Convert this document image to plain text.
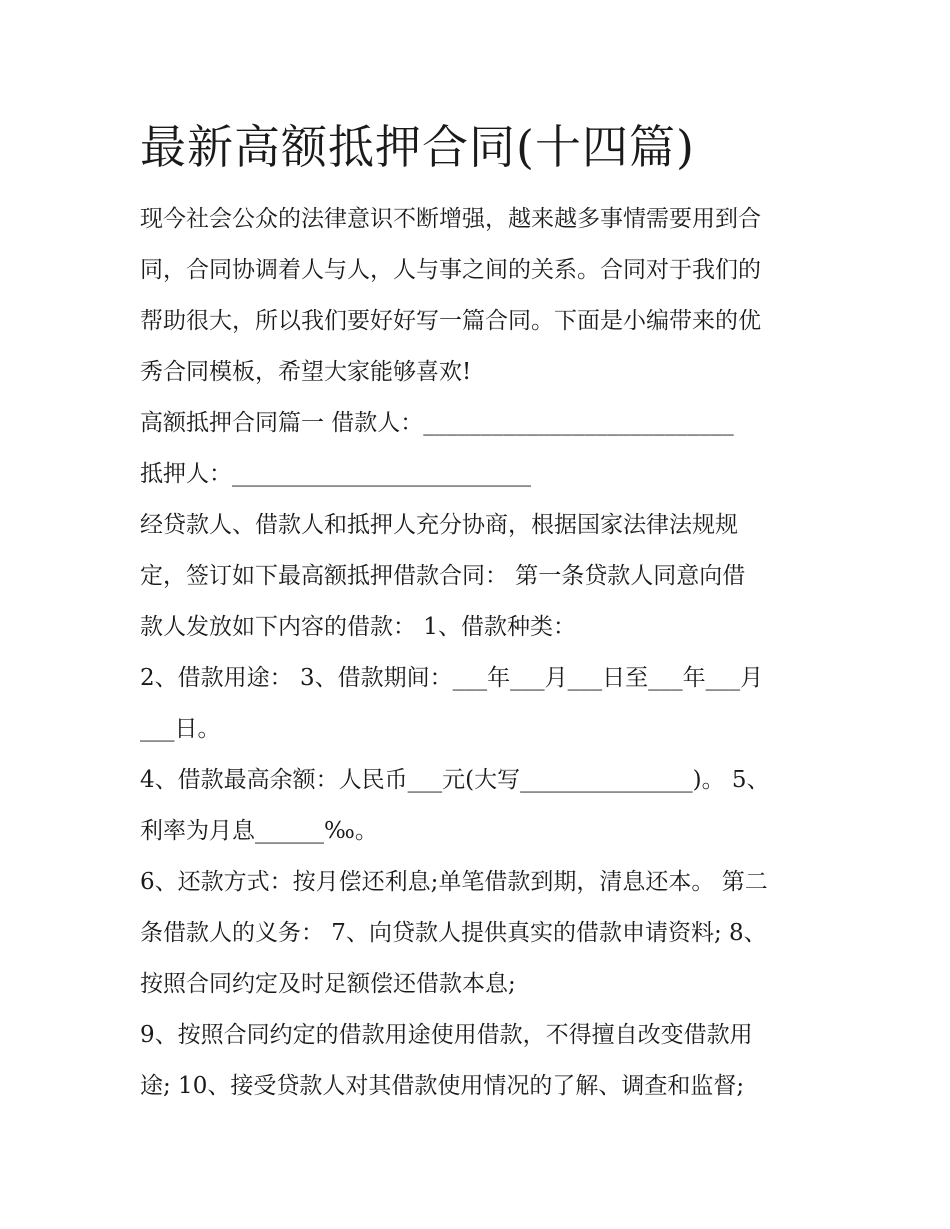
最新高额抵押合同(十四篇)
现今社会公众的法律意识不断增强，越来越多事情需要用到合
同，合同协调着人与人，人与事之间的关系。合同对于我们的
帮助很大，所以我们要好好写一篇合同。下面是小编带来的优
秀合同模板，希望大家能够喜欢!
高额抵押合同篇一 借款人：___________________________
抵押人：__________________________
经贷款人、借款人和抵押人充分协商，根据国家法律法规规
定，签订如下最高额抵押借款合同： 第一条贷款人同意向借
款人发放如下内容的借款： 1、借款种类：
2、借款用途： 3、借款期间：___年___月___日至___年___月
___日。
4、借款最高余额：人民币___元(大写_______________)。 5、
利率为月息______‰。
6、还款方式：按月偿还利息;单笔借款到期，清息还本。 第二
条借款人的义务： 7、向贷款人提供真实的借款申请资料; 8、
按照合同约定及时足额偿还借款本息;
9、按照合同约定的借款用途使用借款，不得擅自改变借款用
途; 10、接受贷款人对其借款使用情况的了解、调查和监督;
